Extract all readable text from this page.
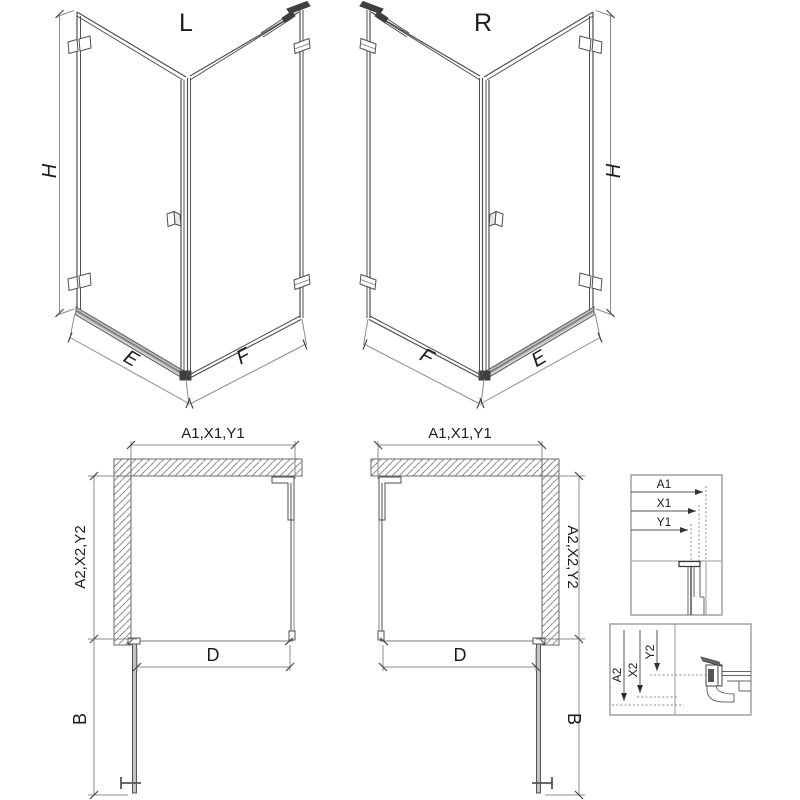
L
H
E	F
R
H
E
F
A1,X1,Y1
A2,X2,Y2
D
B
A1,X1,Y1
A2,X2,Y2
D
B
A1
X1
Y1
A2 X2
Y2
